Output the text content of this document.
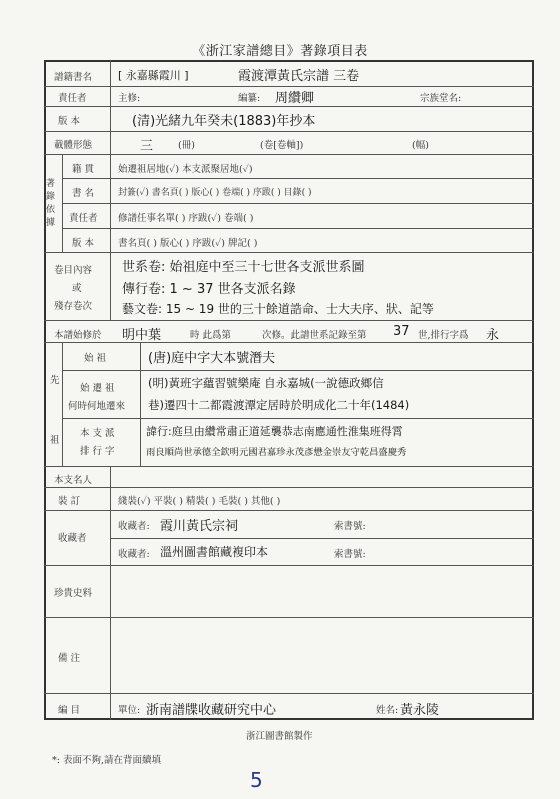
《浙江家譜總目》著錄項目表
譜籍書名 [ 永嘉縣霞川 ]	霞渡潭黃氏宗譜 三卷
責任者	主修:	編纂: 周纘卿	宗族堂名:
版 本	(清)光緒九年癸未(1883)年抄本
載體形態	三	(冊)	(卷[卷軸])	(幅)
著錄依據
籍 貫	始遷祖居地(✓) 本支派聚居地(✓)
書 名	封簽(✓) 書名頁( ) 版心( ) 卷端( ) 序跋( ) 目錄( )
責任者 修譜任事名單( ) 序跋(✓) 卷端( )
版 本	書名頁( ) 版心( ) 序跋(✓) 牌記( )
卷目內容
或
殘存卷次
世系卷: 始祖庭中至三十七世各支派世系圖
傳行卷: 1 ~ 37 世各支派名錄
藝文卷: 15 ~ 19 世的三十餘道誥命、士大夫序、狀、記等
本譜始修於 明中葉	時 此爲第	次修。此譜世系記錄至第 37 世,排行字爲 永
先
祖
始 祖	(唐)庭中字大本號潛夫
始 遷 祖
何時何地遷來
(明)黃班字蘊習號樂庵 自永嘉城(一說德政鄉信
巷)遷四十二都霞渡潭定居時於明成化二十年(1484)
本 支 派
排 行 字
諱行:庭旦由纘常肅正道延襲恭志南應通性淮集班得霄
雨良順尚世承德全欽明元國君嘉珍永茂彥懋金崇友守乾昌盛慶秀
本支名人
裝 訂	綫裝(✓) 平裝( ) 精裝( ) 毛裝( ) 其他( )
收藏者
收藏者: 霞川黃氏宗祠	索書號:
收藏者: 溫州圖書館藏複印本	索書號:
珍貴史料
備 注
編 目	單位: 浙南譜牒收藏研究中心	姓名: 黃永陵
浙江圖書館製作
*: 表面不夠,請在背面續填
5
